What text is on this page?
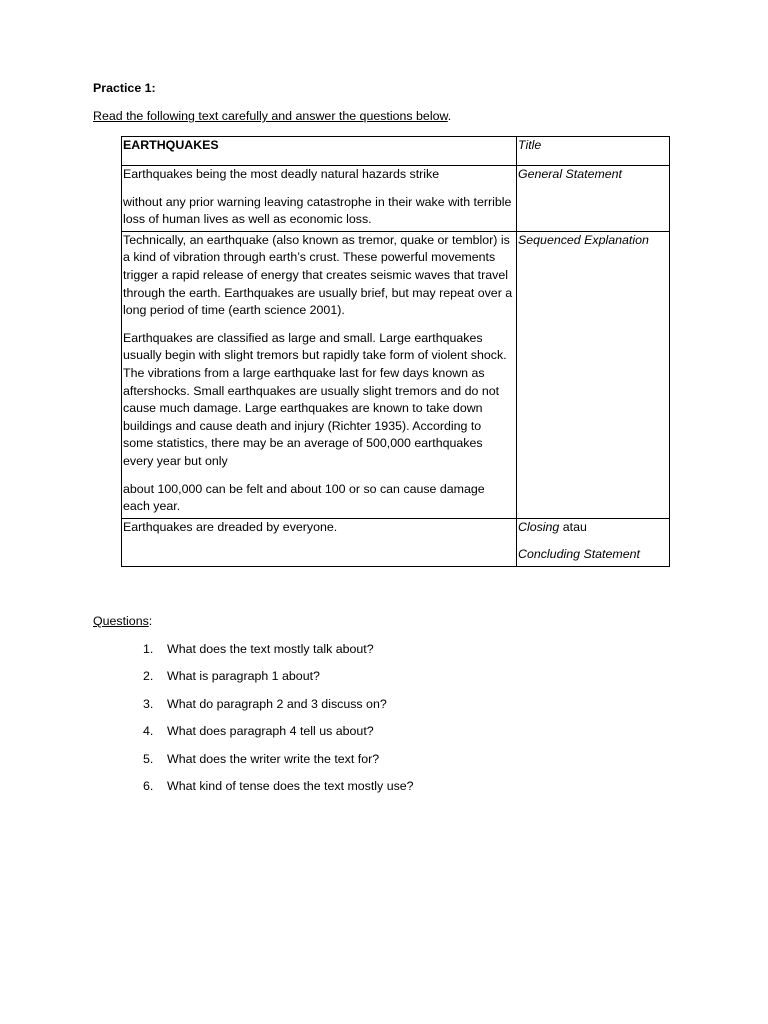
Practice 1:
Read the following text carefully and answer the questions below.

EARTHQUAKES	Title

Earthquakes being the most deadly natural hazards strike

without any prior warning leaving catastrophe in their wake with terrible loss of human lives as well as economic loss.	General Statement

Technically, an earthquake (also known as tremor, quake or temblor) is a kind of vibration through earth’s crust. These powerful movements trigger a rapid release of energy that creates seismic waves that travel through the earth. Earthquakes are usually brief, but may repeat over a long period of time (earth science 2001).

Earthquakes are classified as large and small. Large earthquakes usually begin with slight tremors but rapidly take form of violent shock. The vibrations from a large earthquake last for few days known as aftershocks. Small earthquakes are usually slight tremors and do not cause much damage. Large earthquakes are known to take down buildings and cause death and injury (Richter 1935). According to some statistics, there may be an average of 500,000 earthquakes every year but only

about 100,000 can be felt and about 100 or so can cause damage each year.	Sequenced Explanation

Earthquakes are dreaded by everyone.	Closing atau

Concluding Statement

Questions:
1.	What does the text mostly talk about?
2.	What is paragraph 1 about?
3.	What do paragraph 2 and 3 discuss on?
4.	What does paragraph 4 tell us about?
5.	What does the writer write the text for?
6.	What kind of tense does the text mostly use?
